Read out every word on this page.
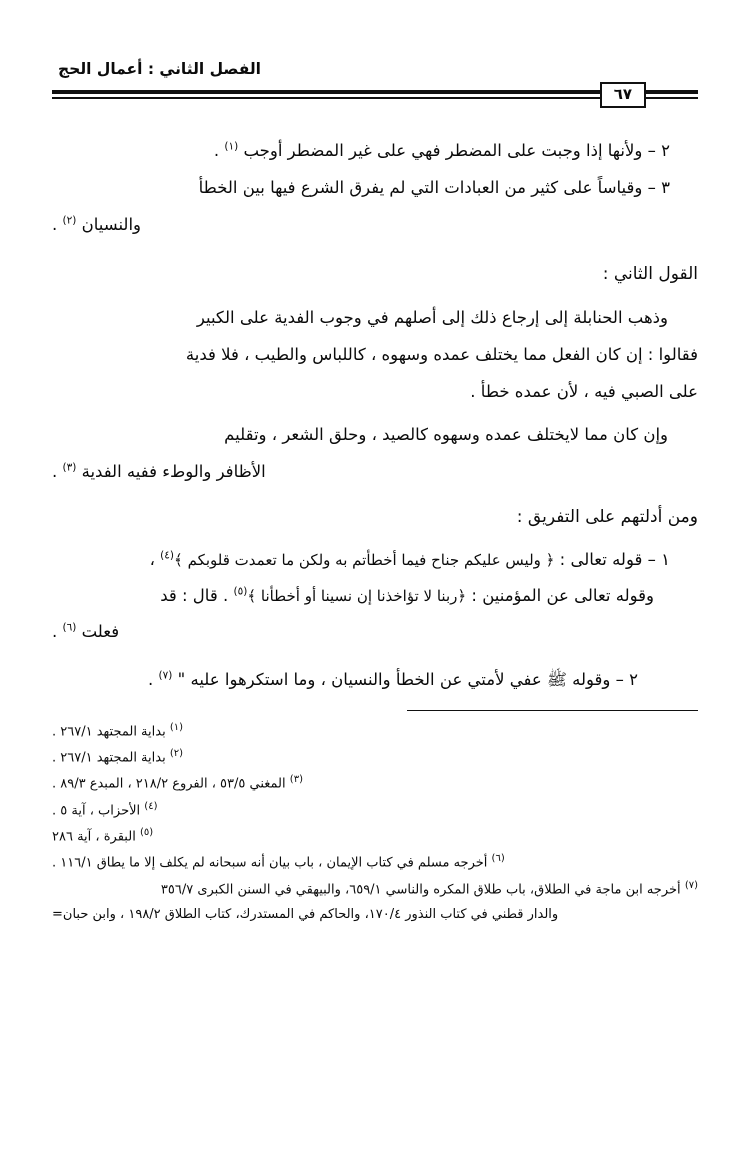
الفصل الثاني : أعمال الحج
٦٧

٢ – ولأنها إذا وجبت على المضطر فهي على غير المضطر أوجب $^{(١)}$ .

٣ – وقياساً على كثير من العبادات التي لم يفرق الشرع فيها بين الخطأ

والنسيان $^{(٢)}$ .

القول الثاني :

وذهب الحنابلة إلى إرجاع ذلك إلى أصلهم في وجوب الفدية على الكبير

فقالوا : إن كان الفعل مما يختلف عمده وسهوه ، كاللباس والطيب ، فلا فدية

على الصبي فيه ، لأن عمده خطأ .

وإن كان مما لايختلف عمده وسهوه كالصيد ، وحلق الشعر ، وتقليم

الأظافر والوطء ففيه الفدية $^{(٣)}$ .

ومن أدلتهم على التفريق :

١ – قوله تعالى : ﴿ وليس عليكم جناح فيما أخطأتم به ولكن ما تعمدت قلوبكم ﴾$^{(٤)}$ ،

وقوله تعالى عن المؤمنين : ﴿ربنا لا تؤاخذنا إن نسينا أو أخطأنا ﴾$^{(٥)}$ . قال : قد

فعلت $^{(٦)}$ .

٢ – وقوله ﷺ عفي لأمتي عن الخطأ والنسيان ، وما استكرهوا عليه " $^{(٧)}$ .

$^{(١)}$ بداية المجتهد ٢٦٧/١ .

$^{(٢)}$ بداية المجتهد ٢٦٧/١ .

$^{(٣)}$ المغني ٥٣/٥ ، الفروع ٢١٨/٢ ، المبدع ٨٩/٣ .

$^{(٤)}$ الأحزاب ، آية ٥ .

$^{(٥)}$ البقرة ، آية ٢٨٦

$^{(٦)}$ أخرجه مسلم في كتاب الإيمان ، باب بيان أنه سبحانه لم يكلف إلا ما يطاق ١١٦/١ .

$^{(٧)}$ أخرجه ابن ماجة في الطلاق، باب طلاق المكره والناسي ٦٥٩/١، والبيهقي في السنن الكبرى ٣٥٦/٧

والدار قطني في كتاب النذور ١٧٠/٤، والحاكم في المستدرك، كتاب الطلاق ١٩٨/٢ ، وابن حبان=
